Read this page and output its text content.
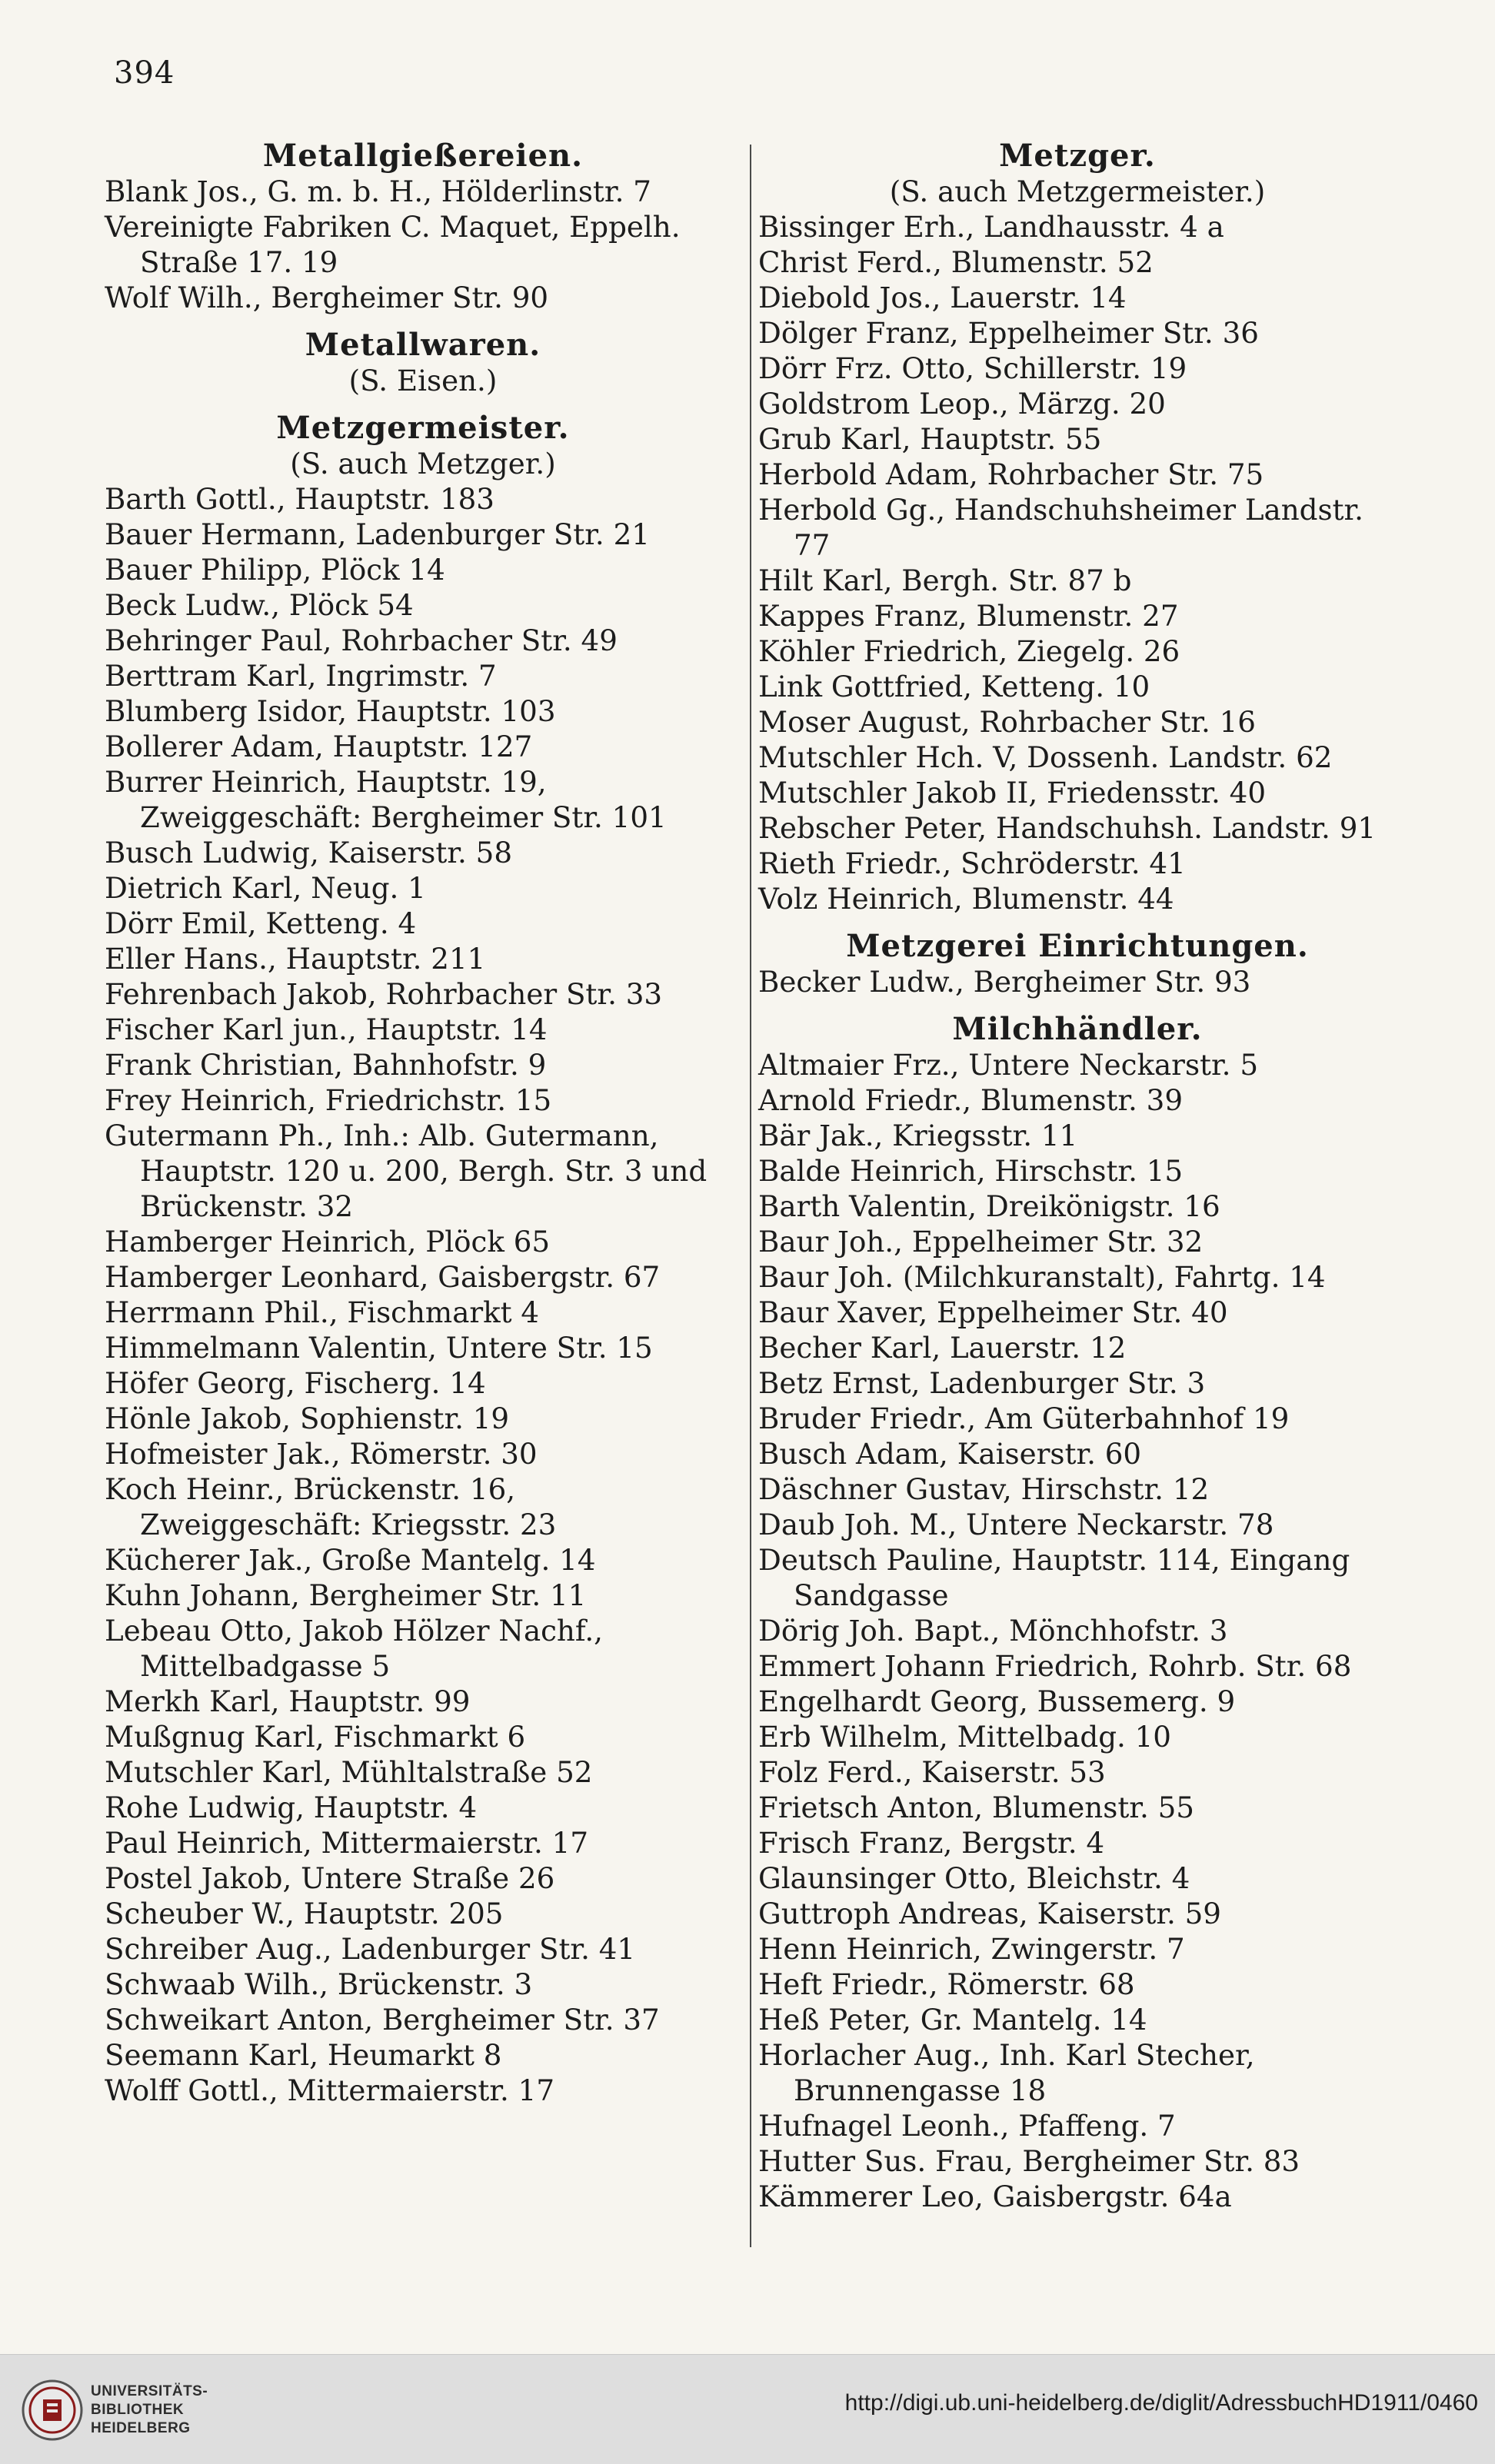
394
Metallgießereien.
Blank Jos., G. m. b. H., Hölderlinstr. 7
Vereinigte Fabriken C. Maquet, Eppelh. Straße 17. 19
Wolf Wilh., Bergheimer Str. 90
Metallwaren.
(S. Eisen.)
Metzgermeister.
(S. auch Metzger.)
Barth Gottl., Hauptstr. 183
Bauer Hermann, Ladenburger Str. 21
Bauer Philipp, Plöck 14
Beck Ludw., Plöck 54
Behringer Paul, Rohrbacher Str. 49
Berttram Karl, Ingrimstr. 7
Blumberg Isidor, Hauptstr. 103
Bollerer Adam, Hauptstr. 127
Burrer Heinrich, Hauptstr. 19, Zweiggeschäft: Bergheimer Str. 101
Busch Ludwig, Kaiserstr. 58
Dietrich Karl, Neug. 1
Dörr Emil, Ketteng. 4
Eller Hans., Hauptstr. 211
Fehrenbach Jakob, Rohrbacher Str. 33
Fischer Karl jun., Hauptstr. 14
Frank Christian, Bahnhofstr. 9
Frey Heinrich, Friedrichstr. 15
Gutermann Ph., Inh.: Alb. Gutermann, Hauptstr. 120 u. 200, Bergh. Str. 3 und Brückenstr. 32
Hamberger Heinrich, Plöck 65
Hamberger Leonhard, Gaisbergstr. 67
Herrmann Phil., Fischmarkt 4
Himmelmann Valentin, Untere Str. 15
Höfer Georg, Fischerg. 14
Hönle Jakob, Sophienstr. 19
Hofmeister Jak., Römerstr. 30
Koch Heinr., Brückenstr. 16, Zweiggeschäft: Kriegsstr. 23
Kücherer Jak., Große Mantelg. 14
Kuhn Johann, Bergheimer Str. 11
Lebeau Otto, Jakob Hölzer Nachf., Mittelbadgasse 5
Merkh Karl, Hauptstr. 99
Mußgnug Karl, Fischmarkt 6
Mutschler Karl, Mühltalstraße 52
Rohe Ludwig, Hauptstr. 4
Paul Heinrich, Mittermaierstr. 17
Postel Jakob, Untere Straße 26
Scheuber W., Hauptstr. 205
Schreiber Aug., Ladenburger Str. 41
Schwaab Wilh., Brückenstr. 3
Schweikart Anton, Bergheimer Str. 37
Seemann Karl, Heumarkt 8
Wolff Gottl., Mittermaierstr. 17
Metzger.
(S. auch Metzgermeister.)
Bissinger Erh., Landhausstr. 4 a
Christ Ferd., Blumenstr. 52
Diebold Jos., Lauerstr. 14
Dölger Franz, Eppelheimer Str. 36
Dörr Frz. Otto, Schillerstr. 19
Goldstrom Leop., Märzg. 20
Grub Karl, Hauptstr. 55
Herbold Adam, Rohrbacher Str. 75
Herbold Gg., Handschuhsheimer Landstr. 77
Hilt Karl, Bergh. Str. 87 b
Kappes Franz, Blumenstr. 27
Köhler Friedrich, Ziegelg. 26
Link Gottfried, Ketteng. 10
Moser August, Rohrbacher Str. 16
Mutschler Hch. V, Dossenh. Landstr. 62
Mutschler Jakob II, Friedensstr. 40
Rebscher Peter, Handschuhsh. Landstr. 91
Rieth Friedr., Schröderstr. 41
Volz Heinrich, Blumenstr. 44
Metzgerei Einrichtungen.
Becker Ludw., Bergheimer Str. 93
Milchhändler.
Altmaier Frz., Untere Neckarstr. 5
Arnold Friedr., Blumenstr. 39
Bär Jak., Kriegsstr. 11
Balde Heinrich, Hirschstr. 15
Barth Valentin, Dreikönigstr. 16
Baur Joh., Eppelheimer Str. 32
Baur Joh. (Milchkuranstalt), Fahrtg. 14
Baur Xaver, Eppelheimer Str. 40
Becher Karl, Lauerstr. 12
Betz Ernst, Ladenburger Str. 3
Bruder Friedr., Am Güterbahnhof 19
Busch Adam, Kaiserstr. 60
Däschner Gustav, Hirschstr. 12
Daub Joh. M., Untere Neckarstr. 78
Deutsch Pauline, Hauptstr. 114, Eingang Sandgasse
Dörig Joh. Bapt., Mönchhofstr. 3
Emmert Johann Friedrich, Rohrb. Str. 68
Engelhardt Georg, Bussemerg. 9
Erb Wilhelm, Mittelbadg. 10
Folz Ferd., Kaiserstr. 53
Frietsch Anton, Blumenstr. 55
Frisch Franz, Bergstr. 4
Glaunsinger Otto, Bleichstr. 4
Guttroph Andreas, Kaiserstr. 59
Henn Heinrich, Zwingerstr. 7
Heft Friedr., Römerstr. 68
Heß Peter, Gr. Mantelg. 14
Horlacher Aug., Inh. Karl Stecher, Brunnengasse 18
Hufnagel Leonh., Pfaffeng. 7
Hutter Sus. Frau, Bergheimer Str. 83
Kämmerer Leo, Gaisbergstr. 64a
UNIVERSITÄTS-
BIBLIOTHEK
HEIDELBERG
http://digi.ub.uni-heidelberg.de/diglit/AdressbuchHD1911/0460
